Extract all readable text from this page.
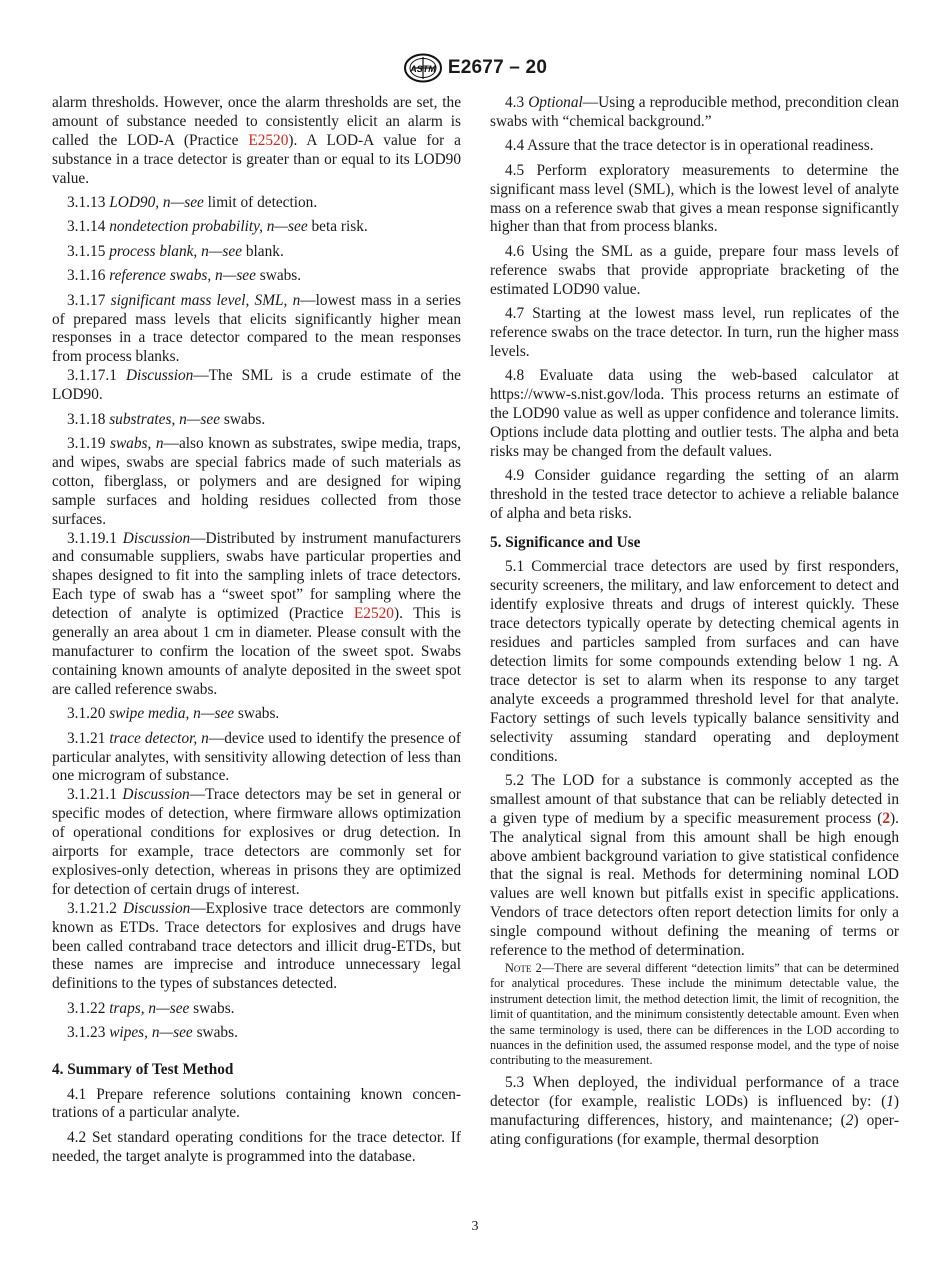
ASTM E2677 – 20

alarm thresholds. However, once the alarm thresholds are set, the amount of substance needed to consistently elicit an alarm is called the LOD-A (Practice E2520). A LOD-A value for a substance in a trace detector is greater than or equal to its LOD90 value.

3.1.13 LOD90, n—see limit of detection.

3.1.14 nondetection probability, n—see beta risk.

3.1.15 process blank, n—see blank.

3.1.16 reference swabs, n—see swabs.

3.1.17 significant mass level, SML, n—lowest mass in a series of prepared mass levels that elicits significantly higher mean responses in a trace detector compared to the mean responses from process blanks.

3.1.17.1 Discussion—The SML is a crude estimate of the LOD90.

3.1.18 substrates, n—see swabs.

3.1.19 swabs, n—also known as substrates, swipe media, traps, and wipes, swabs are special fabrics made of such materials as cotton, fiberglass, or polymers and are designed for wiping sample surfaces and holding residues collected from those surfaces.

3.1.19.1 Discussion—Distributed by instrument manufacturers and consumable suppliers, swabs have particular properties and shapes designed to fit into the sampling inlets of trace detectors. Each type of swab has a “sweet spot” for sampling where the detection of analyte is optimized (Practice E2520). This is generally an area about 1 cm in diameter. Please consult with the manufacturer to confirm the location of the sweet spot. Swabs containing known amounts of analyte deposited in the sweet spot are called reference swabs.

3.1.20 swipe media, n—see swabs.

3.1.21 trace detector, n—device used to identify the presence of particular analytes, with sensitivity allowing detection of less than one microgram of substance.

3.1.21.1 Discussion—Trace detectors may be set in general or specific modes of detection, where firmware allows optimization of operational conditions for explosives or drug detection. In airports for example, trace detectors are commonly set for explosives-only detection, whereas in prisons they are optimized for detection of certain drugs of interest.

3.1.21.2 Discussion—Explosive trace detectors are commonly known as ETDs. Trace detectors for explosives and drugs have been called contraband trace detectors and illicit drug-ETDs, but these names are imprecise and introduce unnecessary legal definitions to the types of substances detected.

3.1.22 traps, n—see swabs.

3.1.23 wipes, n—see swabs.

4. Summary of Test Method

4.1 Prepare reference solutions containing known concentrations of a particular analyte.

4.2 Set standard operating conditions for the trace detector. If needed, the target analyte is programmed into the database.

4.3 Optional—Using a reproducible method, precondition clean swabs with “chemical background.”

4.4 Assure that the trace detector is in operational readiness.

4.5 Perform exploratory measurements to determine the significant mass level (SML), which is the lowest level of analyte mass on a reference swab that gives a mean response significantly higher than that from process blanks.

4.6 Using the SML as a guide, prepare four mass levels of reference swabs that provide appropriate bracketing of the estimated LOD90 value.

4.7 Starting at the lowest mass level, run replicates of the reference swabs on the trace detector. In turn, run the higher mass levels.

4.8 Evaluate data using the web-based calculator at https://www-s.nist.gov/loda. This process returns an estimate of the LOD90 value as well as upper confidence and tolerance limits. Options include data plotting and outlier tests. The alpha and beta risks may be changed from the default values.

4.9 Consider guidance regarding the setting of an alarm threshold in the tested trace detector to achieve a reliable balance of alpha and beta risks.

5. Significance and Use

5.1 Commercial trace detectors are used by first responders, security screeners, the military, and law enforcement to detect and identify explosive threats and drugs of interest quickly. These trace detectors typically operate by detecting chemical agents in residues and particles sampled from surfaces and can have detection limits for some compounds extending below 1 ng. A trace detector is set to alarm when its response to any target analyte exceeds a programmed threshold level for that analyte. Factory settings of such levels typically balance sensitivity and selectivity assuming standard operating and deployment conditions.

5.2 The LOD for a substance is commonly accepted as the smallest amount of that substance that can be reliably detected in a given type of medium by a specific measurement process (2). The analytical signal from this amount shall be high enough above ambient background variation to give statistical confidence that the signal is real. Methods for determining nominal LOD values are well known but pitfalls exist in specific applications. Vendors of trace detectors often report detection limits for only a single compound without defining the meaning of terms or reference to the method of determination.

Note 2—There are several different “detection limits” that can be determined for analytical procedures. These include the minimum detectable value, the instrument detection limit, the method detection limit, the limit of recognition, the limit of quantitation, and the minimum consistently detectable amount. Even when the same terminology is used, there can be differences in the LOD according to nuances in the definition used, the assumed response model, and the type of noise contributing to the measurement.

5.3 When deployed, the individual performance of a trace detector (for example, realistic LODs) is influenced by: (1) manufacturing differences, history, and maintenance; (2) operating configurations (for example, thermal desorption

3
